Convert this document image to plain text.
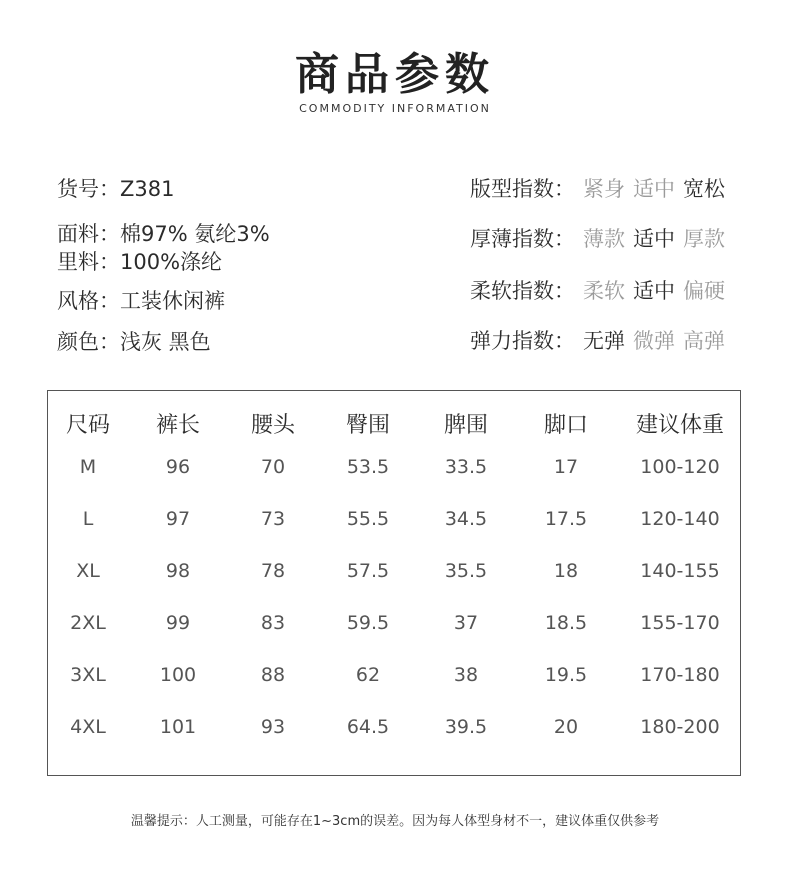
商品参数
COMMODITY INFORMATION
货号：Z381
面料：棉97% 氨纶3%
里料：100%涤纶
风格：工装休闲裤
颜色：浅灰 黑色
版型指数： 紧身 适中 宽松
厚薄指数： 薄款 适中 厚款
柔软指数： 柔软 适中 偏硬
弹力指数： 无弹 微弹 高弹
尺码	裤长	腰头	臀围	脾围	脚口	建议体重
M	96	70	53.5	33.5	17	100-120
L	97	73	55.5	34.5	17.5	120-140
XL	98	78	57.5	35.5	18	140-155
2XL	99	83	59.5	37	18.5	155-170
3XL	100	88	62	38	19.5	170-180
4XL	101	93	64.5	39.5	20	180-200
温馨提示：人工测量，可能存在1~3cm的误差。因为每人体型身材不一，建议体重仅供参考
